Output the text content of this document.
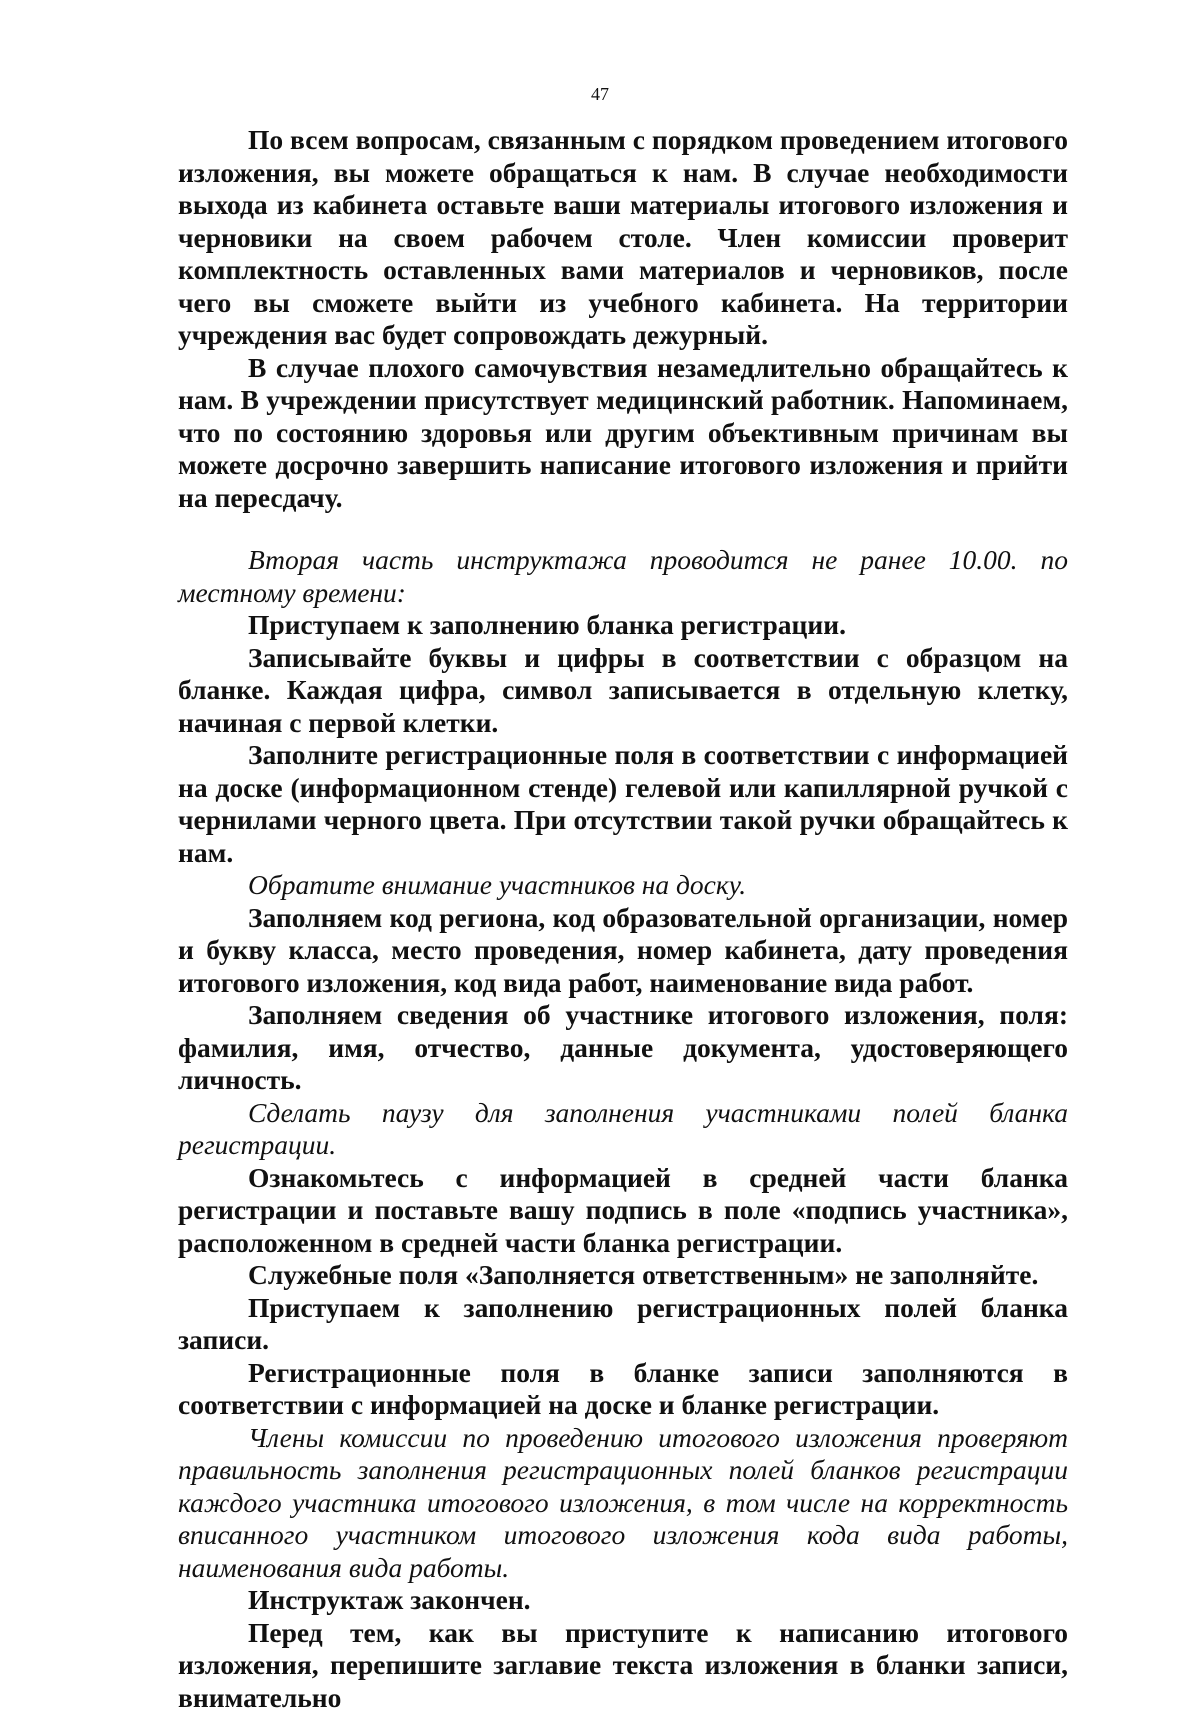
47

По всем вопросам, связанным с порядком проведением итогового изложения, вы можете обращаться к нам. В случае необходимости выхода из кабинета оставьте ваши материалы итогового изложения и черновики на своем рабочем столе. Член комиссии проверит комплектность оставленных вами материалов и черновиков, после чего вы сможете выйти из учебного кабинета. На территории учреждения вас будет сопровождать дежурный.

В случае плохого самочувствия незамедлительно обращайтесь к нам. В учреждении присутствует медицинский работник. Напоминаем, что по состоянию здоровья или другим объективным причинам вы можете досрочно завершить написание итогового изложения и прийти на пересдачу.

Вторая часть инструктажа проводится не ранее 10.00. по местному времени:

Приступаем к заполнению бланка регистрации.

Записывайте буквы и цифры в соответствии с образцом на бланке. Каждая цифра, символ записывается в отдельную клетку, начиная с первой клетки.

Заполните регистрационные поля в соответствии с информацией на доске (информационном стенде) гелевой или капиллярной ручкой с чернилами черного цвета. При отсутствии такой ручки обращайтесь к нам.

Обратите внимание участников на доску.

Заполняем код региона, код образовательной организации, номер и букву класса, место проведения, номер кабинета, дату проведения итогового изложения, код вида работ, наименование вида работ.

Заполняем сведения об участнике итогового изложения, поля: фамилия, имя, отчество, данные документа, удостоверяющего личность.

Сделать паузу для заполнения участниками полей бланка регистрации.

Ознакомьтесь с информацией в средней части бланка регистрации и поставьте вашу подпись в поле «подпись участника», расположенном в средней части бланка регистрации.

Служебные поля «Заполняется ответственным» не заполняйте.

Приступаем к заполнению регистрационных полей бланка записи.

Регистрационные поля в бланке записи заполняются в соответствии с информацией на доске и бланке регистрации.

Члены комиссии по проведению итогового изложения проверяют правильность заполнения регистрационных полей бланков регистрации каждого участника итогового изложения, в том числе на корректность вписанного участником итогового изложения кода вида работы, наименования вида работы.

Инструктаж закончен.

Перед тем, как вы приступите к написанию итогового изложения, перепишите заглавие текста изложения в бланки записи, внимательно
